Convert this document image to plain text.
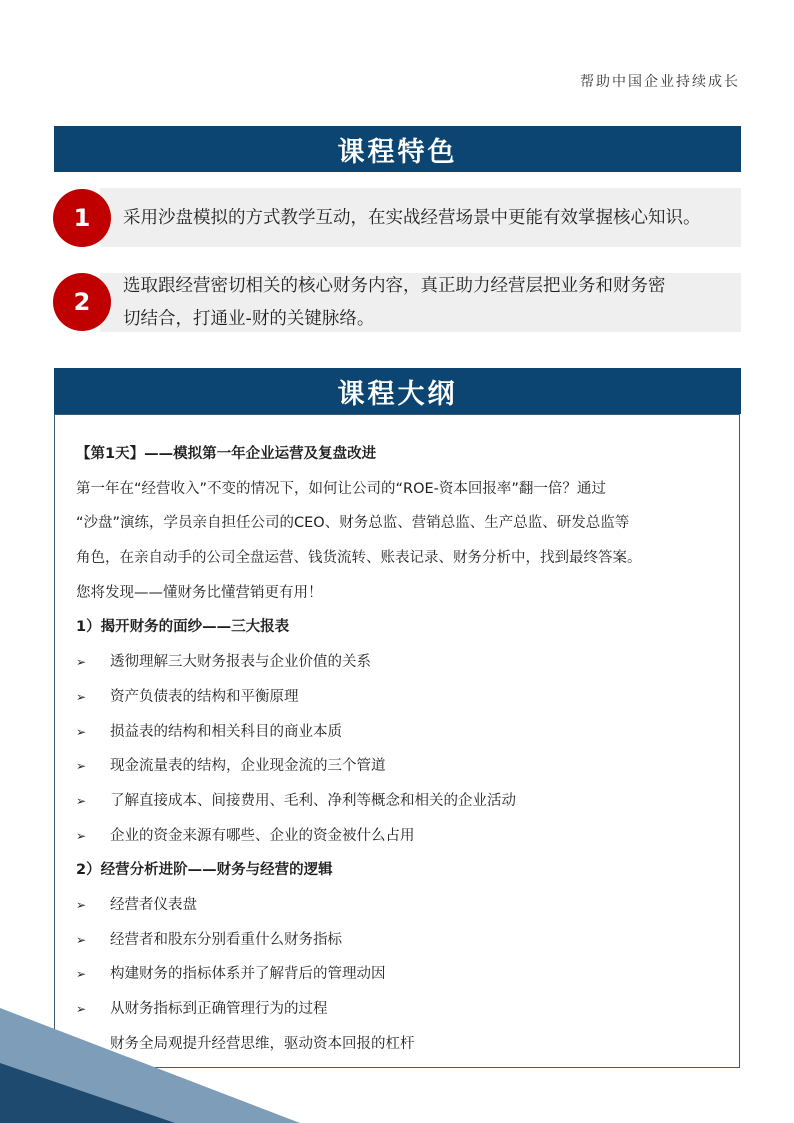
帮助中国企业持续成长
课程特色
1	采用沙盘模拟的方式教学互动，在实战经营场景中更能有效掌握核心知识。
2
选取跟经营密切相关的核心财务内容，真正助力经营层把业务和财务密
切结合，打通业-财的关键脉络。
课程大纲
【第1天】——模拟第一年企业运营及复盘改进
第一年在“经营收入”不变的情况下，如何让公司的“ROE-资本回报率”翻一倍？通过
“沙盘”演练，学员亲自担任公司的CEO、财务总监、营销总监、生产总监、研发总监等
角色，在亲自动手的公司全盘运营、钱货流转、账表记录、财务分析中，找到最终答案。
您将发现——懂财务比懂营销更有用！
1）揭开财务的面纱——三大报表
➢	透彻理解三大财务报表与企业价值的关系
➢	资产负债表的结构和平衡原理
➢	损益表的结构和相关科目的商业本质
➢	现金流量表的结构，企业现金流的三个管道
➢	了解直接成本、间接费用、毛利、净利等概念和相关的企业活动
➢	企业的资金来源有哪些、企业的资金被什么占用
2）经营分析进阶——财务与经营的逻辑
➢	经营者仪表盘
➢	经营者和股东分别看重什么财务指标
➢	构建财务的指标体系并了解背后的管理动因
➢	从财务指标到正确管理行为的过程
财务全局观提升经营思维，驱动资本回报的杠杆
